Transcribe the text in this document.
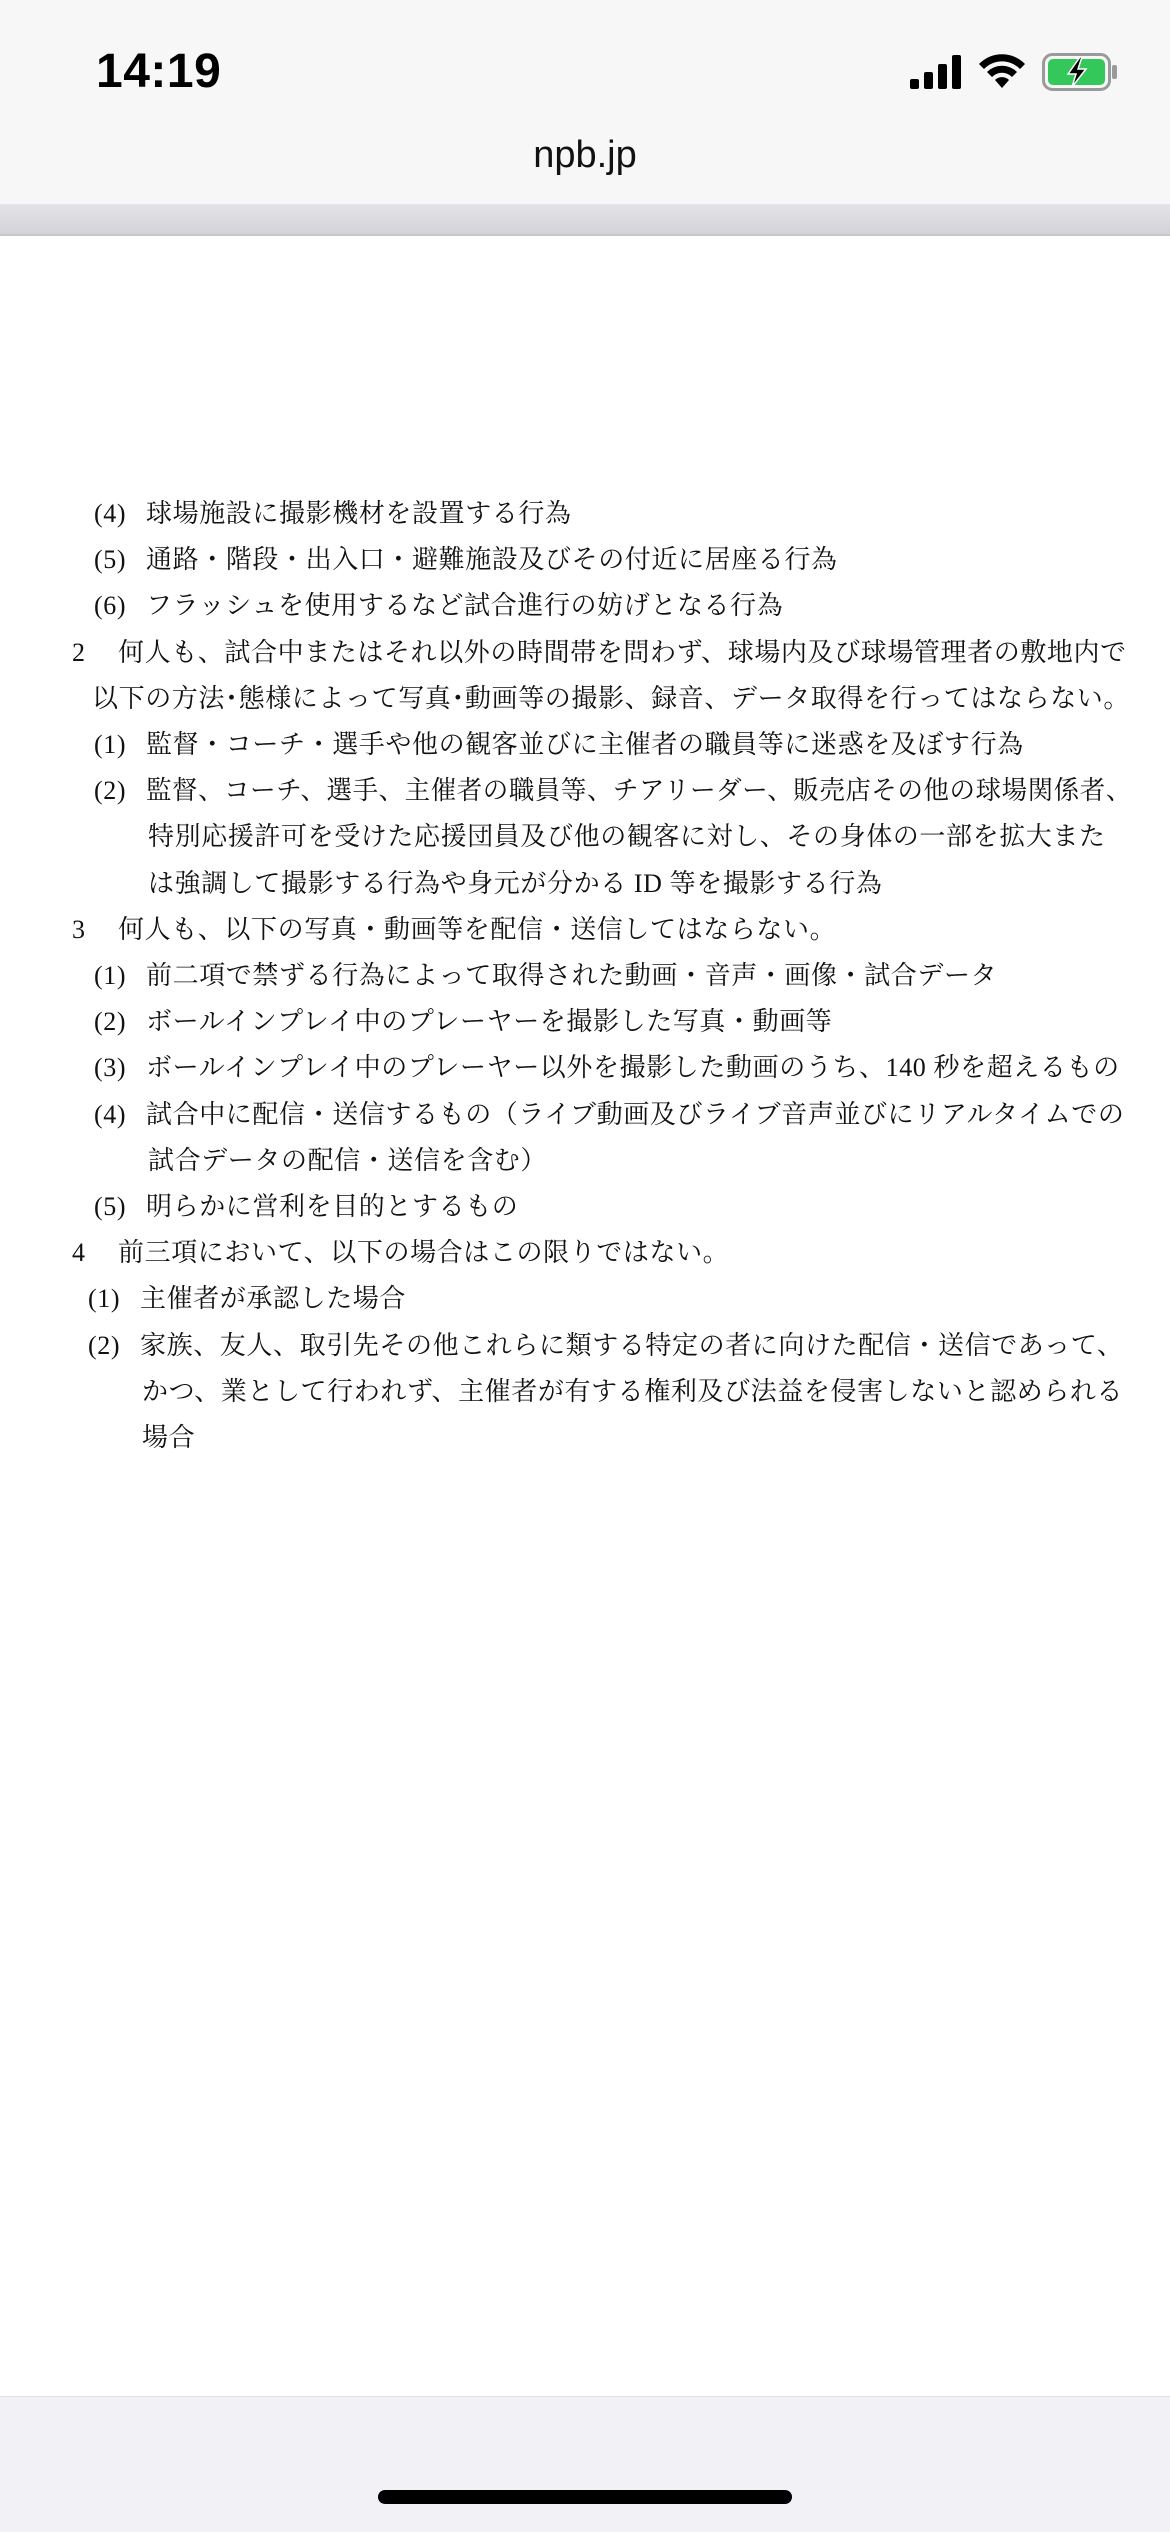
14:19
npb.jp
(4) 球場施設に撮影機材を設置する行為
(5) 通路・階段・出入口・避難施設及びその付近に居座る行為
(6) フラッシュを使用するなど試合進行の妨げとなる行為
2 何人も、試合中またはそれ以外の時間帯を問わず、球場内及び球場管理者の敷地内で
以下の方法･態様によって写真･動画等の撮影、録音、データ取得を行ってはならない。
(1) 監督・コーチ・選手や他の観客並びに主催者の職員等に迷惑を及ぼす行為
(2) 監督、コーチ、選手、主催者の職員等、チアリーダー、販売店その他の球場関係者、
特別応援許可を受けた応援団員及び他の観客に対し、その身体の一部を拡大また
は強調して撮影する行為や身元が分かる ID 等を撮影する行為
3 何人も、以下の写真・動画等を配信・送信してはならない。
(1) 前二項で禁ずる行為によって取得された動画・音声・画像・試合データ
(2) ボールインプレイ中のプレーヤーを撮影した写真・動画等
(3) ボールインプレイ中のプレーヤー以外を撮影した動画のうち、140 秒を超えるもの
(4) 試合中に配信・送信するもの（ライブ動画及びライブ音声並びにリアルタイムでの
試合データの配信・送信を含む）
(5) 明らかに営利を目的とするもの
4 前三項において、以下の場合はこの限りではない。
(1) 主催者が承認した場合
(2) 家族、友人、取引先その他これらに類する特定の者に向けた配信・送信であって、
かつ、業として行われず、主催者が有する権利及び法益を侵害しないと認められる
場合
